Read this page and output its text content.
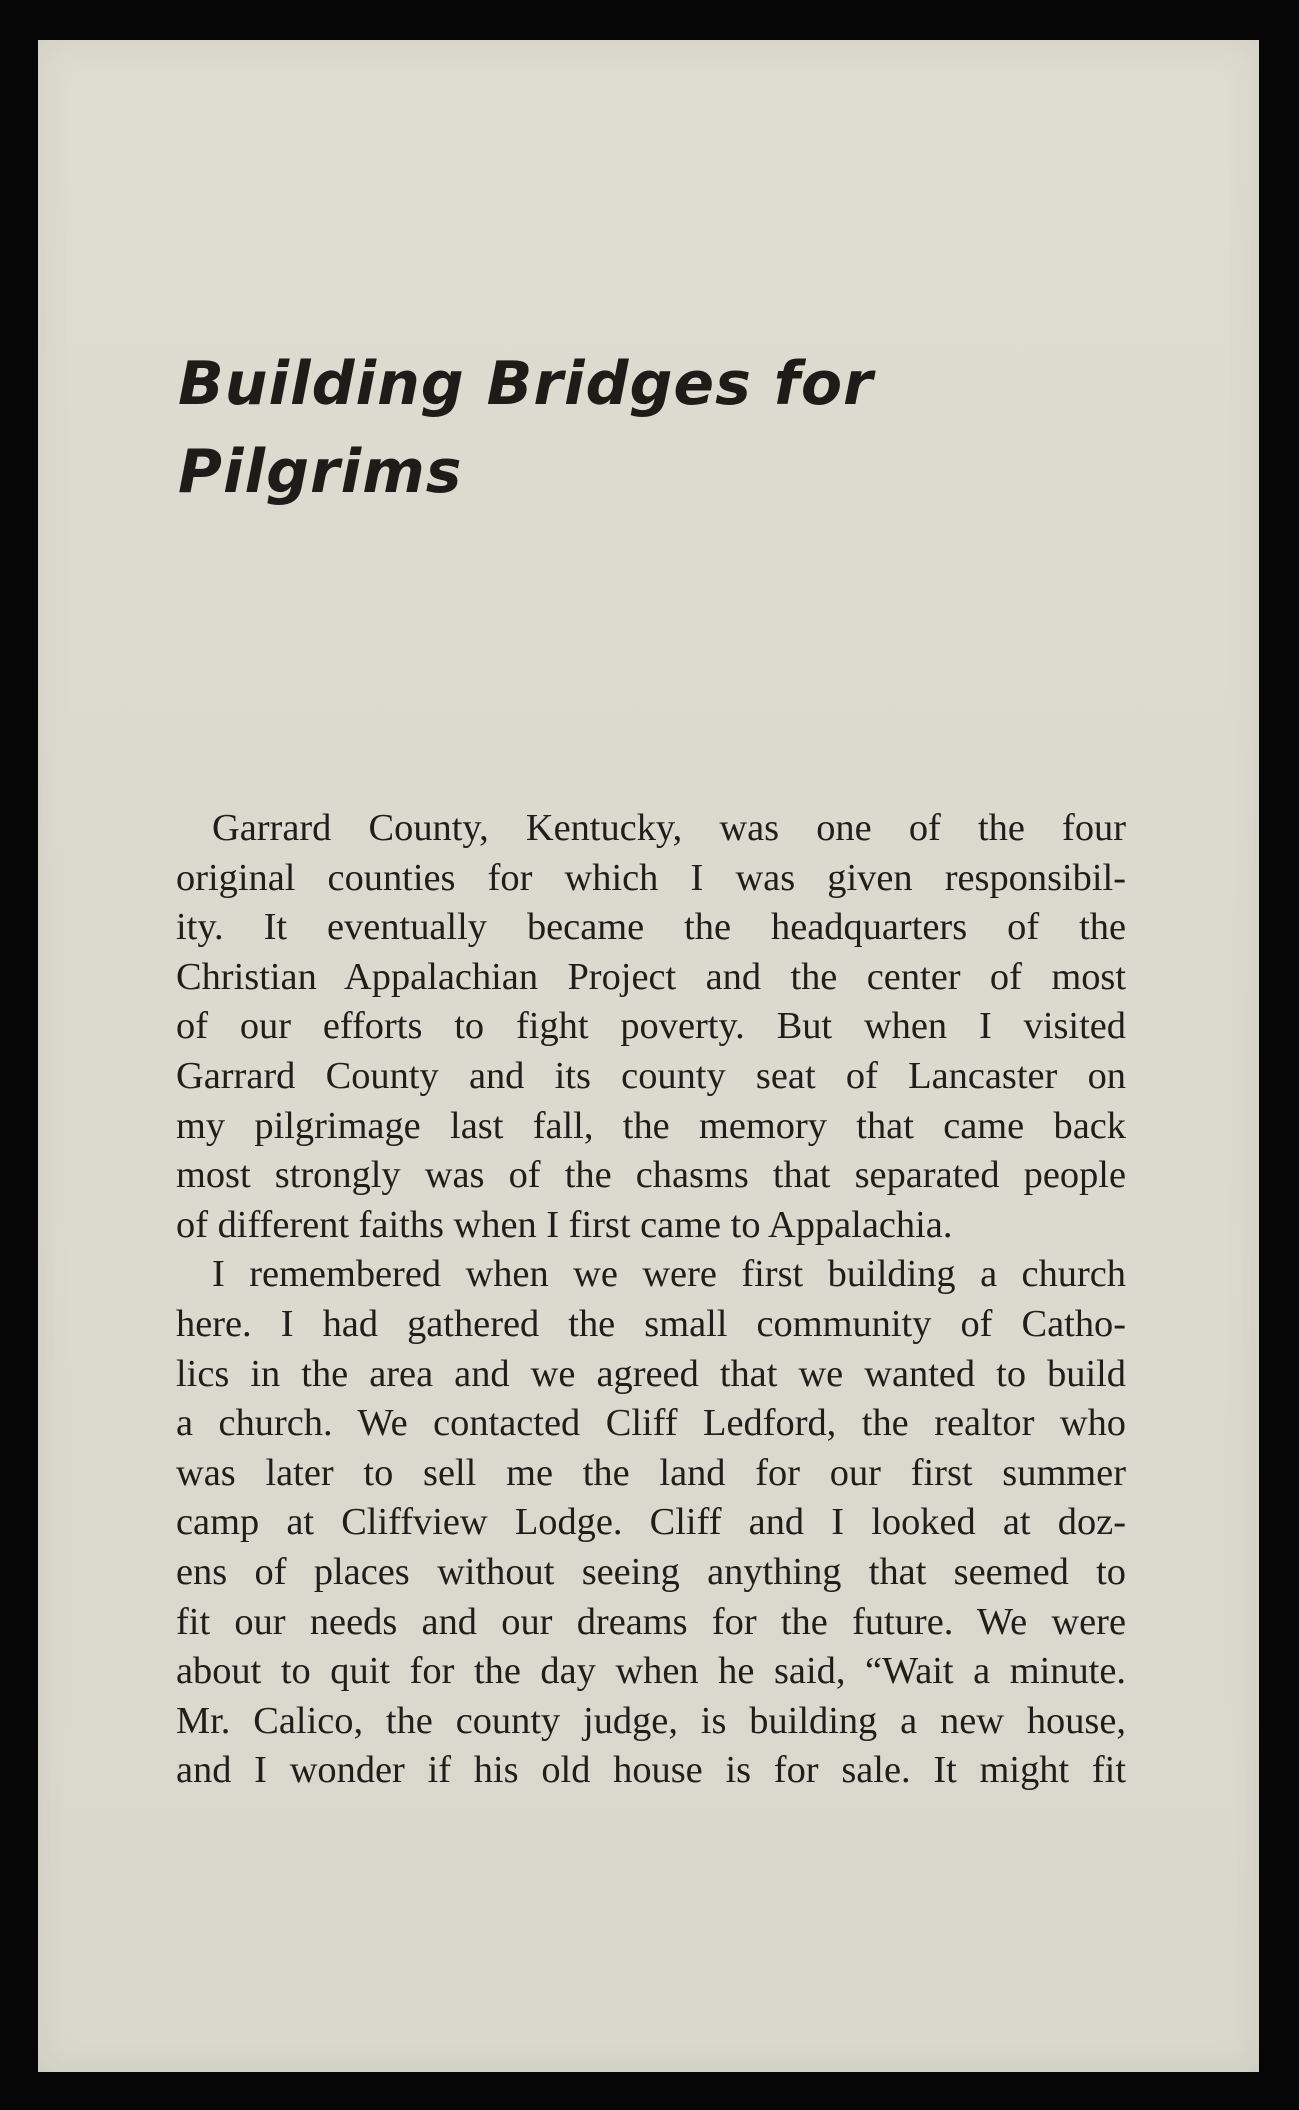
Building Bridges for
Pilgrims
Garrard County, Kentucky, was one of the four
original counties for which I was given responsibil-
ity. It eventually became the headquarters of the
Christian Appalachian Project and the center of most
of our efforts to fight poverty. But when I visited
Garrard County and its county seat of Lancaster on
my pilgrimage last fall, the memory that came back
most strongly was of the chasms that separated people
of different faiths when I first came to Appalachia.
I remembered when we were first building a church
here. I had gathered the small community of Catho-
lics in the area and we agreed that we wanted to build
a church. We contacted Cliff Ledford, the realtor who
was later to sell me the land for our first summer
camp at Cliffview Lodge. Cliff and I looked at doz-
ens of places without seeing anything that seemed to
fit our needs and our dreams for the future. We were
about to quit for the day when he said, “Wait a minute.
Mr. Calico, the county judge, is building a new house,
and I wonder if his old house is for sale. It might fit
